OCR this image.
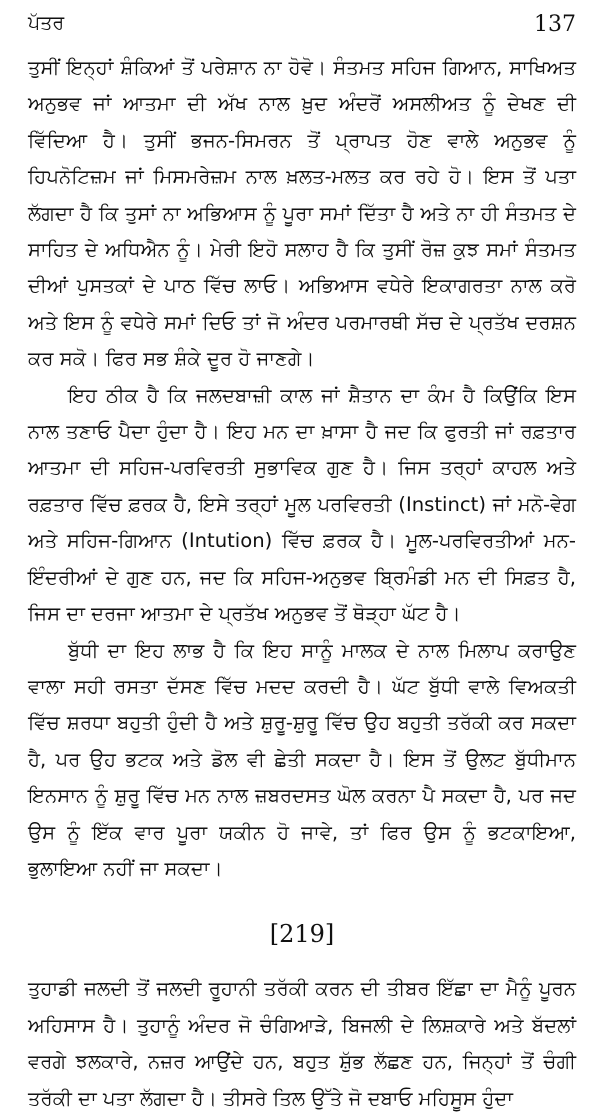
ਪੱਤਰ	137

ਤੁਸੀਂ ਇਨ੍ਹਾਂ ਸ਼ੰਕਿਆਂ ਤੋਂ ਪਰੇਸ਼ਾਨ ਨਾ ਹੋਵੋ। ਸੰਤਮਤ ਸਹਿਜ ਗਿਆਨ, ਸਾਖਿਅਤ ਅਨੁਭਵ ਜਾਂ ਆਤਮਾ ਦੀ ਅੱਖ ਨਾਲ ਖ਼ੁਦ ਅੰਦਰੋਂ ਅਸਲੀਅਤ ਨੂੰ ਦੇਖਣ ਦੀ ਵਿੱਦਿਆ ਹੈ। ਤੁਸੀਂ ਭਜਨ-ਸਿਮਰਨ ਤੋਂ ਪ੍ਰਾਪਤ ਹੋਣ ਵਾਲੇ ਅਨੁਭਵ ਨੂੰ ਹਿਪਨੋਟਿਜ਼ਮ ਜਾਂ ਮਿਸਮਰੇਜ਼ਮ ਨਾਲ ਖ਼ਲਤ-ਮਲਤ ਕਰ ਰਹੇ ਹੋ। ਇਸ ਤੋਂ ਪਤਾ ਲੱਗਦਾ ਹੈ ਕਿ ਤੁਸਾਂ ਨਾ ਅਭਿਆਸ ਨੂੰ ਪੂਰਾ ਸਮਾਂ ਦਿੱਤਾ ਹੈ ਅਤੇ ਨਾ ਹੀ ਸੰਤਮਤ ਦੇ ਸਾਹਿਤ ਦੇ ਅਧਿਐਨ ਨੂੰ। ਮੇਰੀ ਇਹੋ ਸਲਾਹ ਹੈ ਕਿ ਤੁਸੀਂ ਰੋਜ਼ ਕੁਝ ਸਮਾਂ ਸੰਤਮਤ ਦੀਆਂ ਪੁਸਤਕਾਂ ਦੇ ਪਾਠ ਵਿੱਚ ਲਾਓ। ਅਭਿਆਸ ਵਧੇਰੇ ਇਕਾਗਰਤਾ ਨਾਲ ਕਰੋ ਅਤੇ ਇਸ ਨੂੰ ਵਧੇਰੇ ਸਮਾਂ ਦਿਓ ਤਾਂ ਜੋ ਅੰਦਰ ਪਰਮਾਰਥੀ ਸੱਚ ਦੇ ਪ੍ਰਤੱਖ ਦਰਸ਼ਨ ਕਰ ਸਕੋ। ਫਿਰ ਸਭ ਸ਼ੰਕੇ ਦੂਰ ਹੋ ਜਾਣਗੇ।

ਇਹ ਠੀਕ ਹੈ ਕਿ ਜਲਦਬਾਜ਼ੀ ਕਾਲ ਜਾਂ ਸ਼ੈਤਾਨ ਦਾ ਕੰਮ ਹੈ ਕਿਉਂਕਿ ਇਸ ਨਾਲ ਤਣਾਓ ਪੈਦਾ ਹੁੰਦਾ ਹੈ। ਇਹ ਮਨ ਦਾ ਖ਼ਾਸਾ ਹੈ ਜਦ ਕਿ ਫੁਰਤੀ ਜਾਂ ਰਫ਼ਤਾਰ ਆਤਮਾ ਦੀ ਸਹਿਜ-ਪਰਵਿਰਤੀ ਸੁਭਾਵਿਕ ਗੁਣ ਹੈ। ਜਿਸ ਤਰ੍ਹਾਂ ਕਾਹਲ ਅਤੇ ਰਫ਼ਤਾਰ ਵਿੱਚ ਫ਼ਰਕ ਹੈ, ਇਸੇ ਤਰ੍ਹਾਂ ਮੂਲ ਪਰਵਿਰਤੀ (Instinct) ਜਾਂ ਮਨੋ-ਵੇਗ ਅਤੇ ਸਹਿਜ-ਗਿਆਨ (Intution) ਵਿੱਚ ਫ਼ਰਕ ਹੈ। ਮੂਲ-ਪਰਵਿਰਤੀਆਂ ਮਨ-ਇੰਦਰੀਆਂ ਦੇ ਗੁਣ ਹਨ, ਜਦ ਕਿ ਸਹਿਜ-ਅਨੁਭਵ ਬ੍ਰਿਮੰਡੀ ਮਨ ਦੀ ਸਿਫ਼ਤ ਹੈ, ਜਿਸ ਦਾ ਦਰਜਾ ਆਤਮਾ ਦੇ ਪ੍ਰਤੱਖ ਅਨੁਭਵ ਤੋਂ ਥੋੜ੍ਹਾ ਘੱਟ ਹੈ।

ਬੁੱਧੀ ਦਾ ਇਹ ਲਾਭ ਹੈ ਕਿ ਇਹ ਸਾਨੂੰ ਮਾਲਕ ਦੇ ਨਾਲ ਮਿਲਾਪ ਕਰਾਉਣ ਵਾਲਾ ਸਹੀ ਰਸਤਾ ਦੱਸਣ ਵਿੱਚ ਮਦਦ ਕਰਦੀ ਹੈ। ਘੱਟ ਬੁੱਧੀ ਵਾਲੇ ਵਿਅਕਤੀ ਵਿੱਚ ਸ਼ਰਧਾ ਬਹੁਤੀ ਹੁੰਦੀ ਹੈ ਅਤੇ ਸ਼ੁਰੂ-ਸ਼ੁਰੂ ਵਿੱਚ ਉਹ ਬਹੁਤੀ ਤਰੱਕੀ ਕਰ ਸਕਦਾ ਹੈ, ਪਰ ਉਹ ਭਟਕ ਅਤੇ ਡੋਲ ਵੀ ਛੇਤੀ ਸਕਦਾ ਹੈ। ਇਸ ਤੋਂ ਉਲਟ ਬੁੱਧੀਮਾਨ ਇਨਸਾਨ ਨੂੰ ਸ਼ੁਰੂ ਵਿੱਚ ਮਨ ਨਾਲ ਜ਼ਬਰਦਸਤ ਘੋਲ ਕਰਨਾ ਪੈ ਸਕਦਾ ਹੈ, ਪਰ ਜਦ ਉਸ ਨੂੰ ਇੱਕ ਵਾਰ ਪੂਰਾ ਯਕੀਨ ਹੋ ਜਾਵੇ, ਤਾਂ ਫਿਰ ਉਸ ਨੂੰ ਭਟਕਾਇਆ, ਭੁਲਾਇਆ ਨਹੀਂ ਜਾ ਸਕਦਾ।

[219]

ਤੁਹਾਡੀ ਜਲਦੀ ਤੋਂ ਜਲਦੀ ਰੂਹਾਨੀ ਤਰੱਕੀ ਕਰਨ ਦੀ ਤੀਬਰ ਇੱਛਾ ਦਾ ਮੈਨੂੰ ਪੂਰਨ ਅਹਿਸਾਸ ਹੈ। ਤੁਹਾਨੂੰ ਅੰਦਰ ਜੋ ਚੰਗਿਆੜੇ, ਬਿਜਲੀ ਦੇ ਲਿਸ਼ਕਾਰੇ ਅਤੇ ਬੱਦਲਾਂ ਵਰਗੇ ਝਲਕਾਰੇ, ਨਜ਼ਰ ਆਉਂਦੇ ਹਨ, ਬਹੁਤ ਸ਼ੁੱਭ ਲੱਛਣ ਹਨ, ਜਿਨ੍ਹਾਂ ਤੋਂ ਚੰਗੀ ਤਰੱਕੀ ਦਾ ਪਤਾ ਲੱਗਦਾ ਹੈ। ਤੀਸਰੇ ਤਿਲ ਉੱਤੇ ਜੋ ਦਬਾਓ ਮਹਿਸੂਸ ਹੁੰਦਾ
